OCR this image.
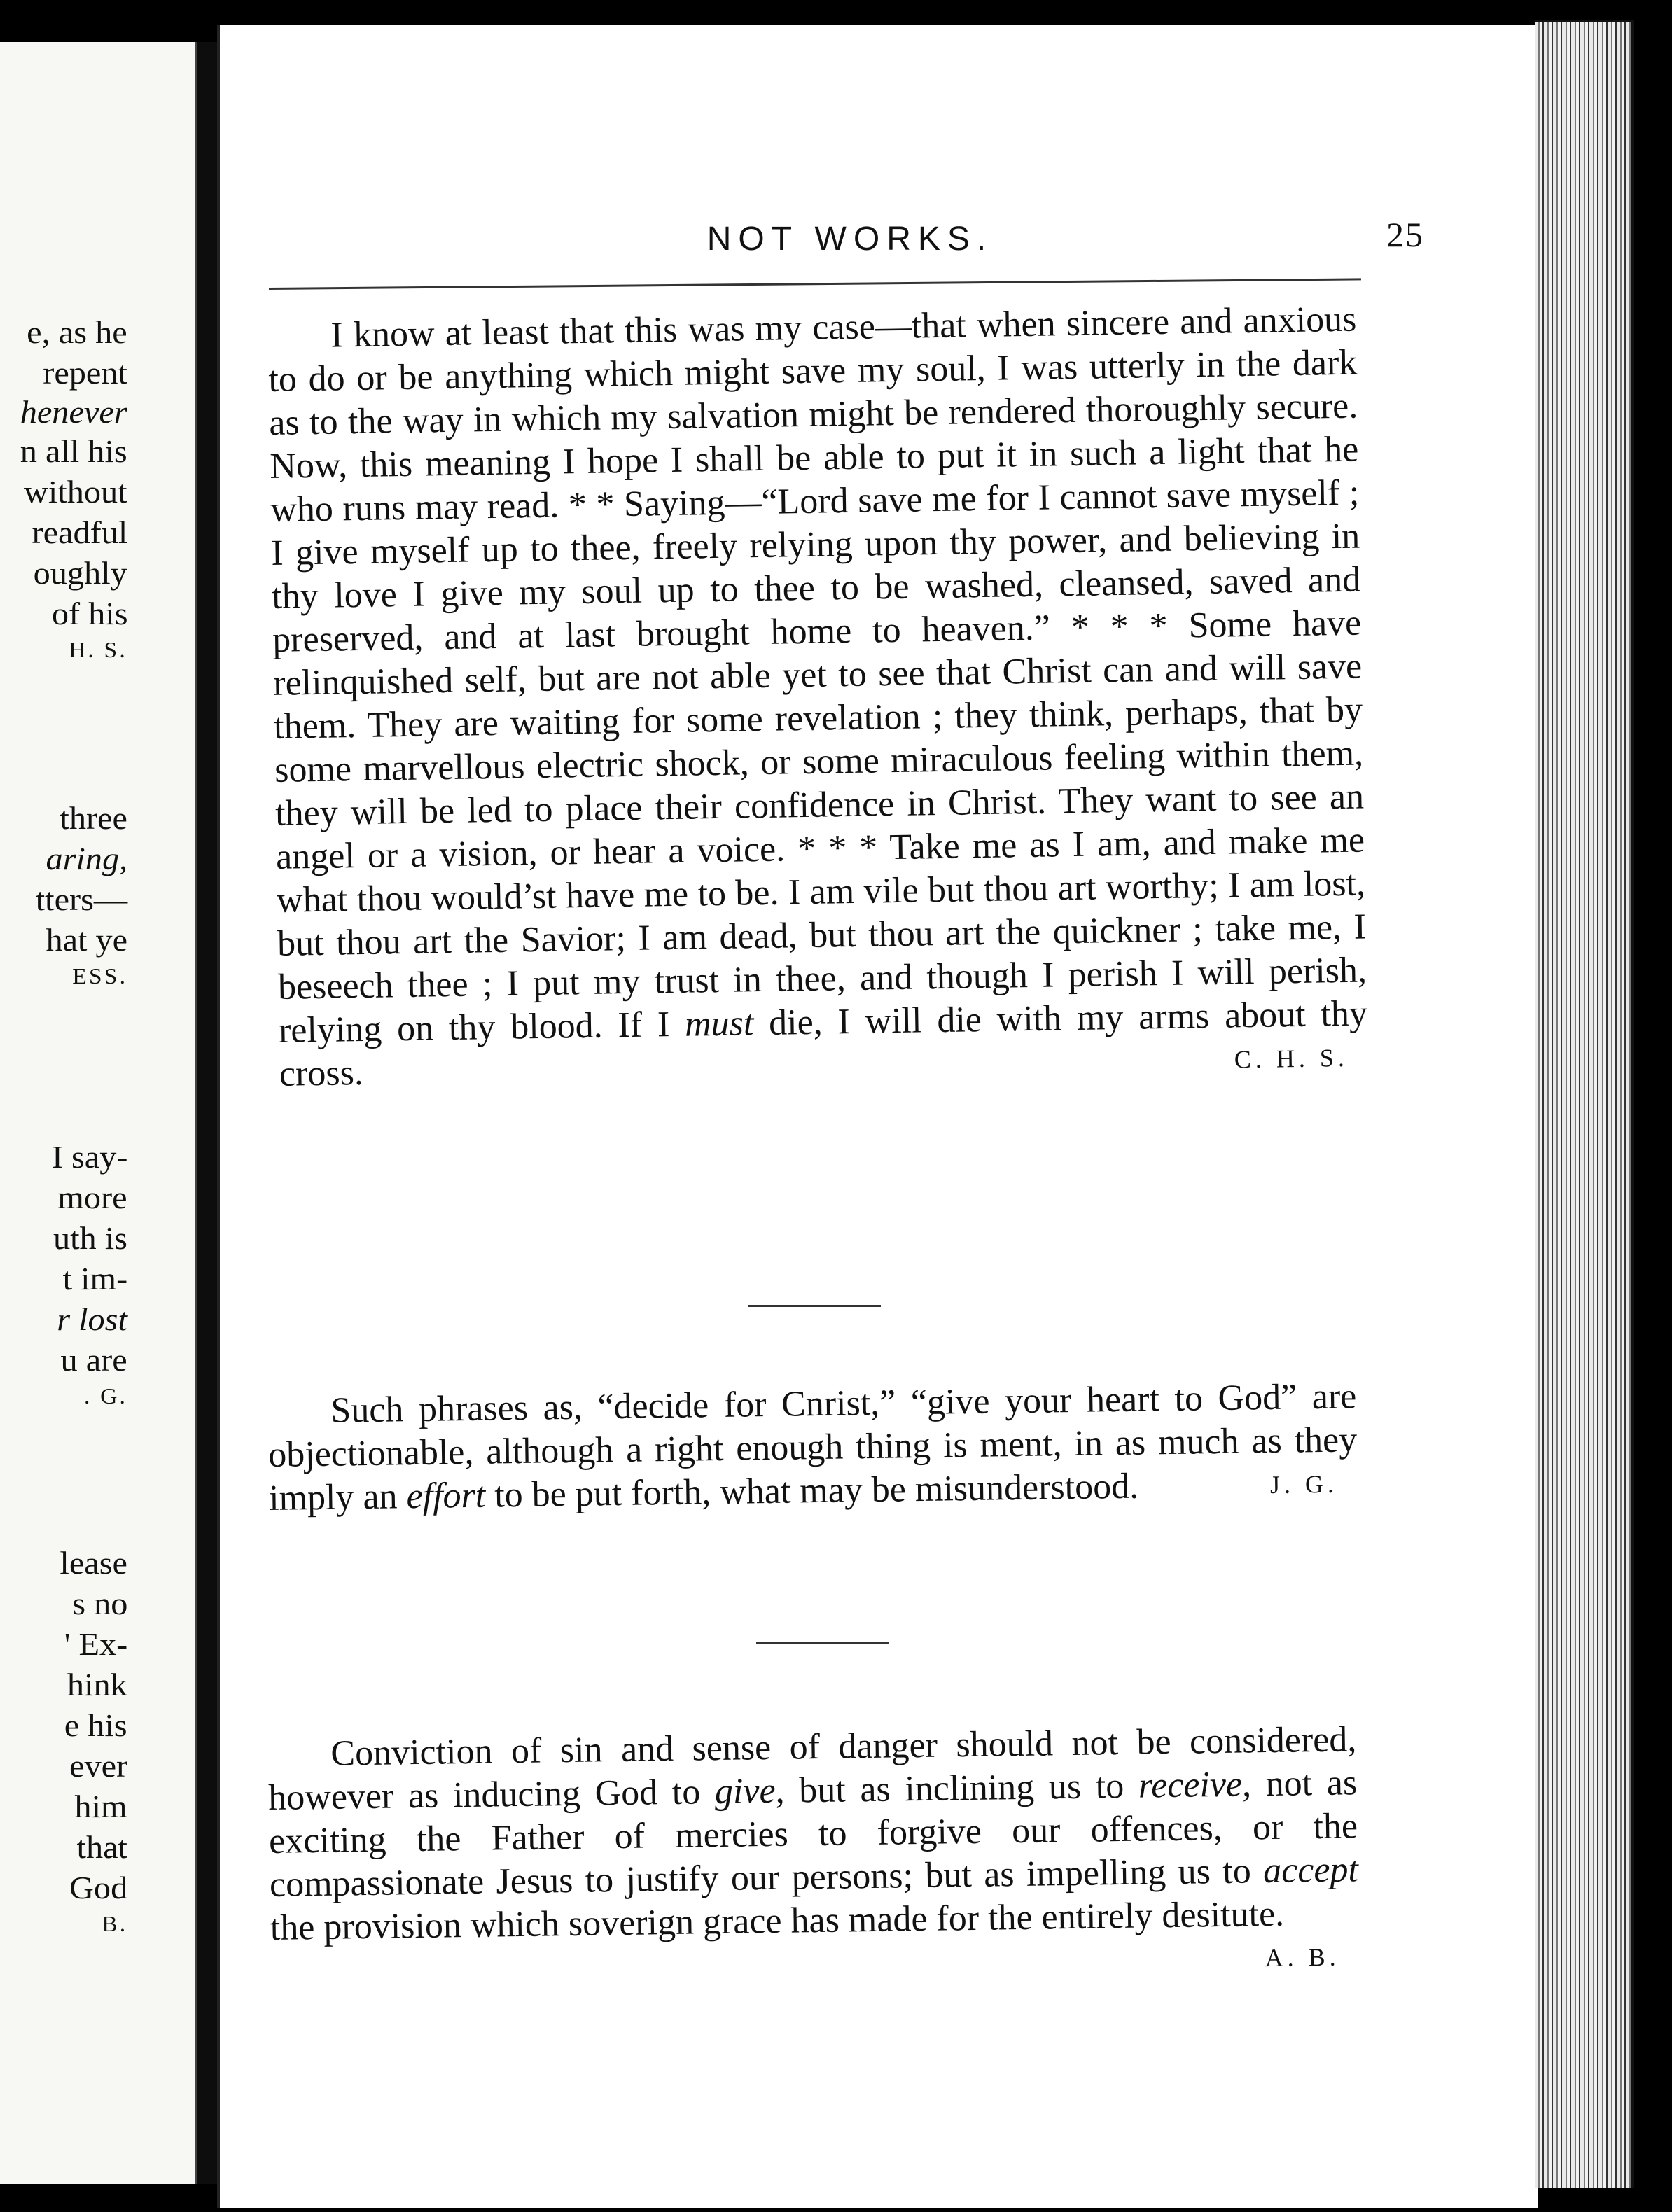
e, as he
repent
henever
n all his
without
readful
oughly
of his
H. S.
three
aring,
tters—
hat ye
ESS.
I say-
more
uth is
t im-
r lost
u are
. G.
lease
s no
' Ex-
hink
e his
ever
him
that
God
B.
NOT WORKS.	25

I know at least that this was my case—that when sincere and anxious to do or be anything which might save my soul, I was utterly in the dark as to the way in which my salvation might be rendered thoroughly secure. Now, this meaning I hope I shall be able to put it in such a light that he who runs may read. * * Saying—“Lord save me for I cannot save myself ; I give myself up to thee, freely relying upon thy power, and believing in thy love I give my soul up to thee to be washed, cleansed, saved and preserved, and at last brought home to heaven.” * * * Some have relinquished self, but are not able yet to see that Christ can and will save them. They are waiting for some revelation ; they think, perhaps, that by some marvellous electric shock, or some miraculous feeling within them, they will be led to place their confidence in Christ. They want to see an angel or a vision, or hear a voice. * * * Take me as I am, and make me what thou would’st have me to be. I am vile but thou art worthy; I am lost, but thou art the Savior; I am dead, but thou art the quickner ; take me, I beseech thee ; I put my trust in thee, and though I perish I will perish, relying on thy blood. If I must die, I will die with my arms about thy cross.	C. H. S.

Such phrases as, “decide for Cnrist,” “give your heart to God” are objectionable, although a right enough thing is ment, in as much as they imply an effort to be put forth, what may be misunderstood.	J. G.

Conviction of sin and sense of danger should not be considered, however as inducing God to give, but as inclining us to receive, not as exciting the Father of mercies to forgive our offences, or the compassionate Jesus to justify our persons; but as impelling us to accept the provision which soverign grace has made for the entirely desitute.
A. B.
